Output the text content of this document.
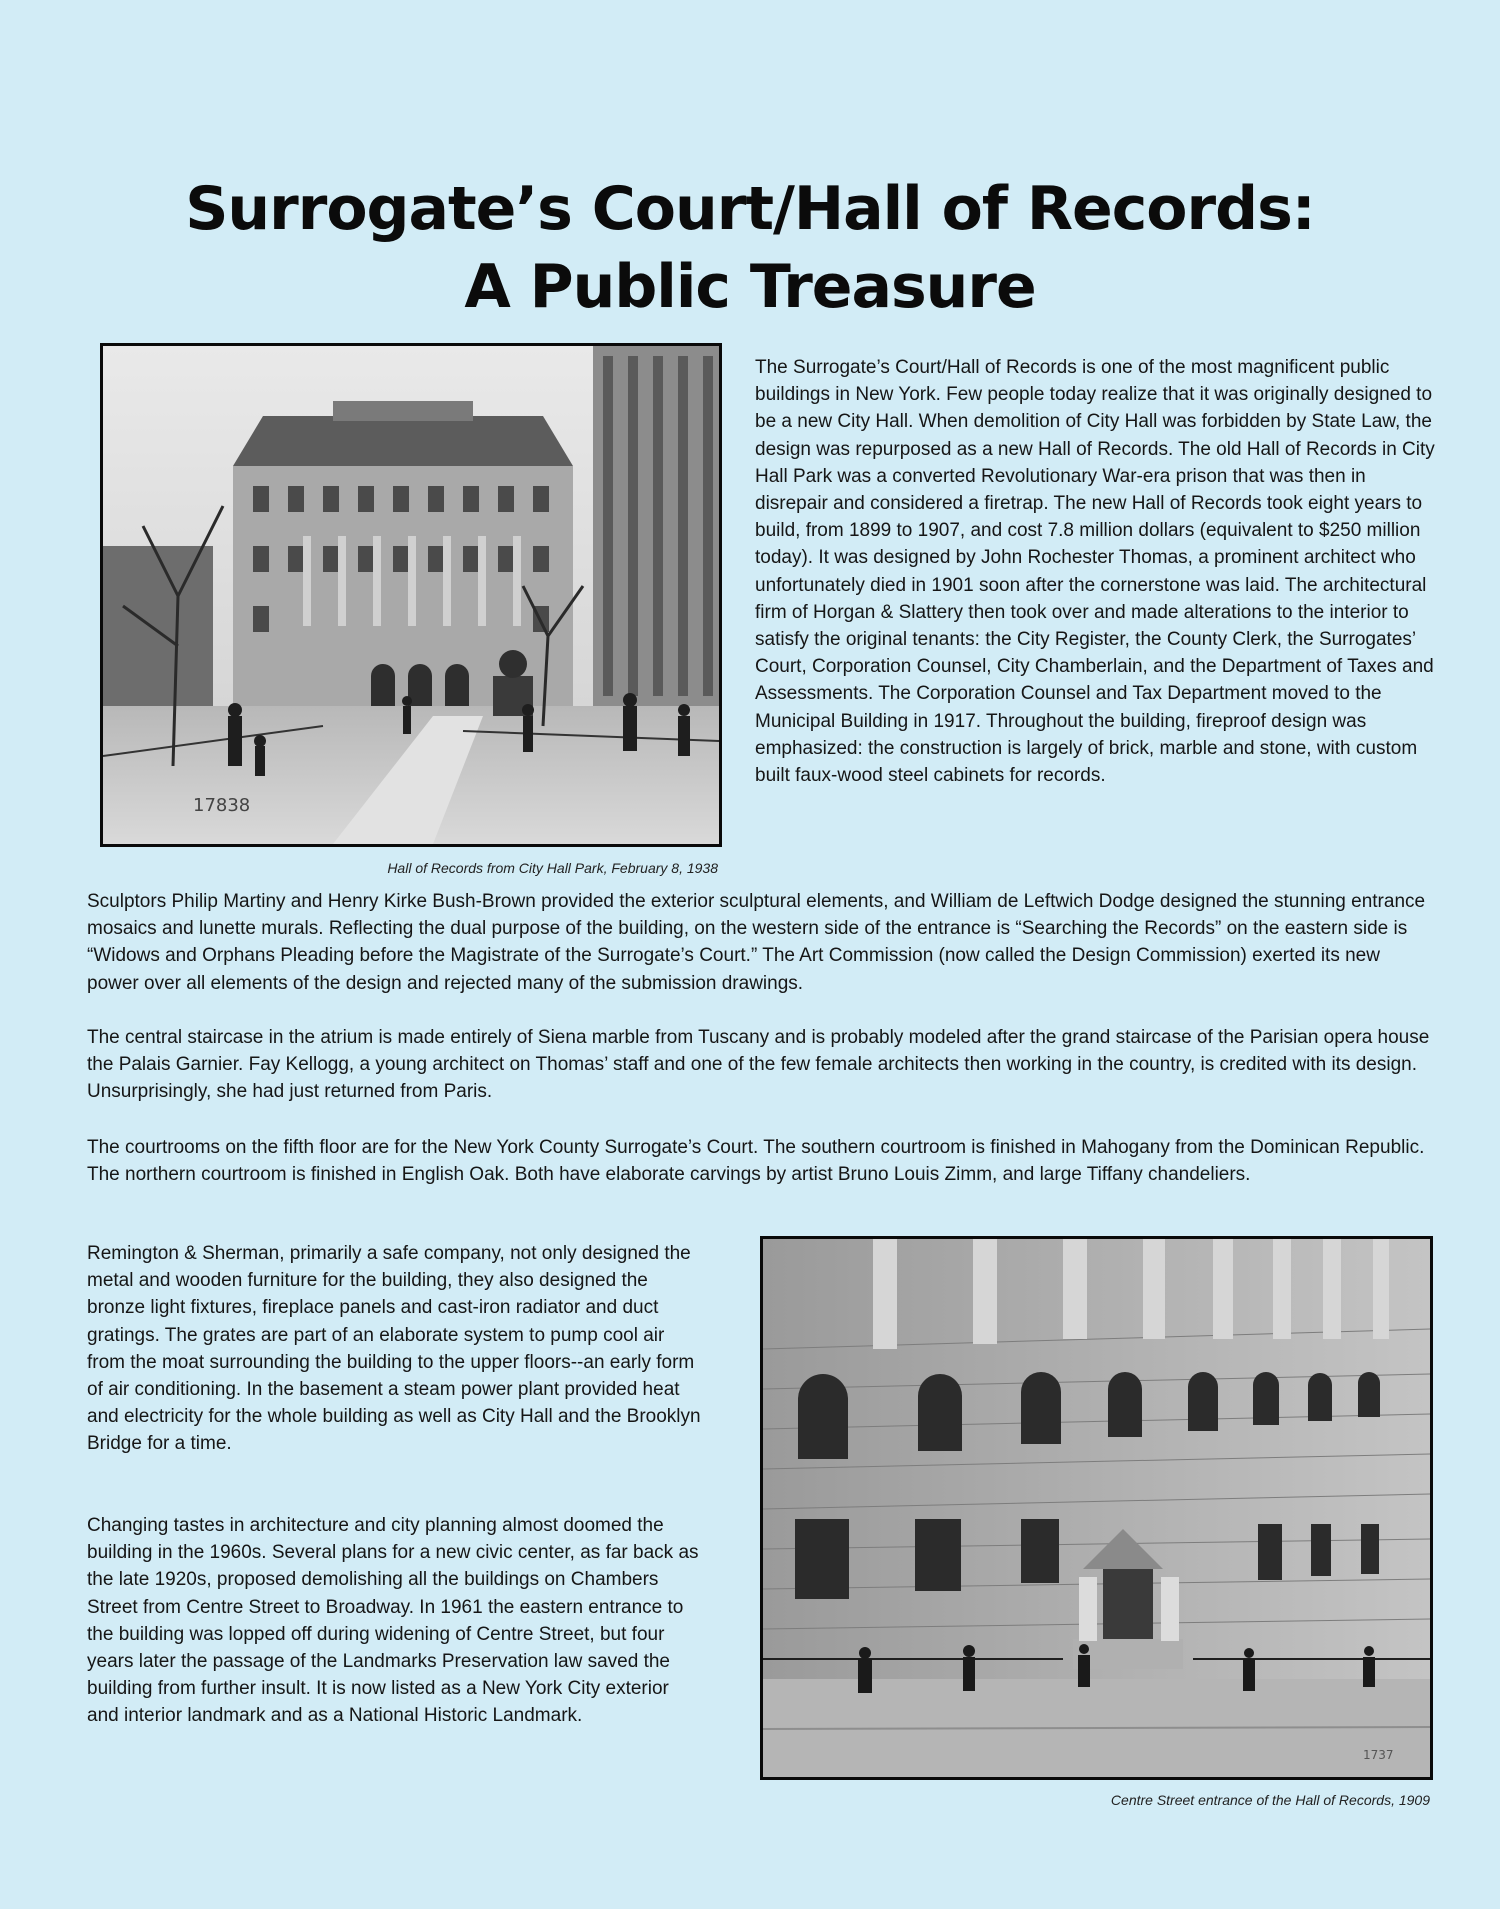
Surrogate’s Court/Hall of Records:
A Public Treasure
17838
Hall of Records from City Hall Park, February 8, 1938

The Surrogate’s Court/Hall of Records is one of the most magnificent public buildings in New York. Few people today realize that it was originally designed to be a new City Hall. When demolition of City Hall was forbidden by State Law, the design was repurposed as a new Hall of Records. The old Hall of Records in City Hall Park was a converted Revolutionary War-era prison that was then in disrepair and considered a firetrap. The new Hall of Records took eight years to build, from 1899 to 1907, and cost 7.8 million dollars (equivalent to $250 million today). It was designed by John Rochester Thomas, a prominent architect who unfortunately died in 1901 soon after the cornerstone was laid. The architectural firm of Horgan & Slattery then took over and made alterations to the interior to satisfy the original tenants: the City Register, the County Clerk, the Surrogates’ Court, Corporation Counsel, City Chamberlain, and the Department of Taxes and Assessments. The Corporation Counsel and Tax Department moved to the Municipal Building in 1917. Throughout the building, fireproof design was emphasized: the construction is largely of brick, marble and stone, with custom built faux-wood steel cabinets for records.

Sculptors Philip Martiny and Henry Kirke Bush-Brown provided the exterior sculptural elements, and William de Leftwich Dodge designed the stunning entrance mosaics and lunette murals. Reflecting the dual purpose of the building, on the western side of the entrance is “Searching the Records” on the eastern side is “Widows and Orphans Pleading before the Magistrate of the Surrogate’s Court.” The Art Commission (now called the Design Commission) exerted its new power over all elements of the design and rejected many of the submission drawings.

The central staircase in the atrium is made entirely of Siena marble from Tuscany and is probably modeled after the grand staircase of the Parisian opera house the Palais Garnier. Fay Kellogg, a young architect on Thomas’ staff and one of the few female architects then working in the country, is credited with its design. Unsurprisingly, she had just returned from Paris.

The courtrooms on the fifth floor are for the New York County Surrogate’s Court. The southern courtroom is finished in Mahogany from the Dominican Republic. The northern courtroom is finished in English Oak. Both have elaborate carvings by artist Bruno Louis Zimm, and large Tiffany chandeliers.

Remington & Sherman, primarily a safe company, not only designed the metal and wooden furniture for the building, they also designed the bronze light fixtures, fireplace panels and cast-iron radiator and duct gratings. The grates are part of an elaborate system to pump cool air from the moat surrounding the building to the upper floors--an early form of air conditioning. In the basement a steam power plant provided heat and electricity for the whole building as well as City Hall and the Brooklyn Bridge for a time.

Changing tastes in architecture and city planning almost doomed the building in the 1960s. Several plans for a new civic center, as far back as the late 1920s, proposed demolishing all the buildings on Chambers Street from Centre Street to Broadway. In 1961 the eastern entrance to the building was lopped off during widening of Centre Street, but four years later the passage of the Landmarks Preservation law saved the building from further insult. It is now listed as a New York City exterior and interior landmark and as a National Historic Landmark.

1737
Centre Street entrance of the Hall of Records, 1909
